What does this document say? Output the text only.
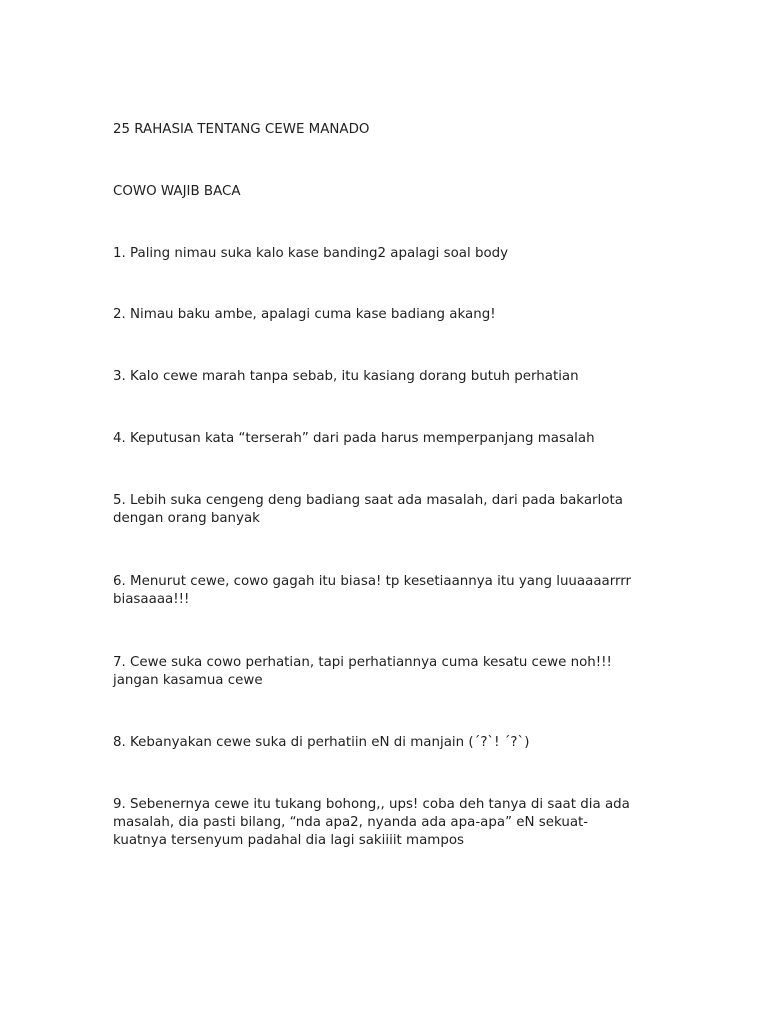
25 RAHASIA TENTANG CEWE MANADO

COWO WAJIB BACA

1. Paling nimau suka kalo kase banding2 apalagi soal body

2. Nimau baku ambe, apalagi cuma kase badiang akang!

3. Kalo cewe marah tanpa sebab, itu kasiang dorang butuh perhatian

4. Keputusan kata “terserah” dari pada harus memperpanjang masalah

5. Lebih suka cengeng deng badiang saat ada masalah, dari pada bakarlota
dengan orang banyak

6. Menurut cewe, cowo gagah itu biasa! tp kesetiaannya itu yang luuaaaarrrr
biasaaaa!!!

7. Cewe suka cowo perhatian, tapi perhatiannya cuma kesatu cewe noh!!!
jangan kasamua cewe

8. Kebanyakan cewe suka di perhatiin eN di manjain (´?`! ´?`)

9. Sebenernya cewe itu tukang bohong,, ups! coba deh tanya di saat dia ada
masalah, dia pasti bilang, “nda apa2, nyanda ada apa-apa” eN sekuat-
kuatnya tersenyum padahal dia lagi sakiiiit mampos
